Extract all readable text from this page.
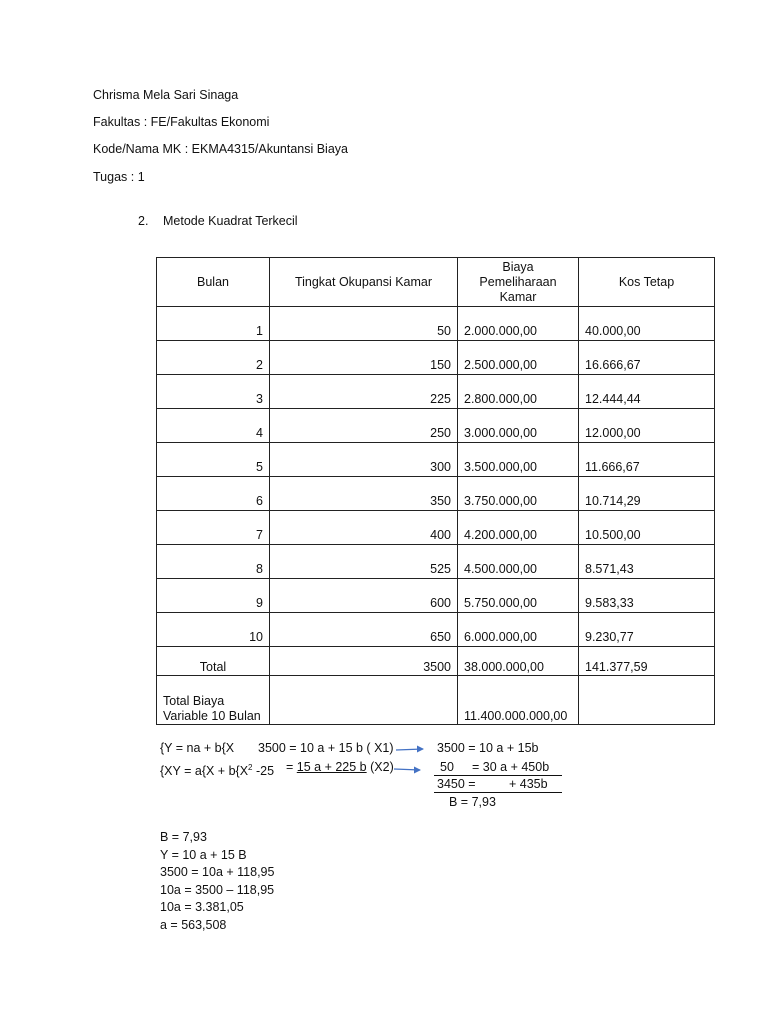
Chrisma Mela Sari Sinaga
Fakultas : FE/Fakultas Ekonomi
Kode/Nama MK : EKMA4315/Akuntansi Biaya
Tugas : 1
2. Metode Kuadrat Terkecil
Bulan	Tingkat Okupansi Kamar	Biaya Pemeliharaan Kamar	Kos Tetap
1	50	2.000.000,00	40.000,00
2	150	2.500.000,00	16.666,67
3	225	2.800.000,00	12.444,44
4	250	3.000.000,00	12.000,00
5	300	3.500.000,00	11.666,67
6	350	3.750.000,00	10.714,29
7	400	4.200.000,00	10.500,00
8	525	4.500.000,00	8.571,43
9	600	5.750.000,00	9.583,33
10	650	6.000.000,00	9.230,77
Total	3500	38.000.000,00	141.377,59
Total Biaya Variable 10 Bulan		11.400.000.000,00	
{Y = na + b{X 3500 = 10 a + 15 b ( X1)	3500 = 10 a + 15b
{$XY = a\{X + b\{X^2$ -25 = 15 a + 225 b (X2)	50 = 30 a + 450b
3450 =	+ 435b
B = 7,93
B = 7,93
Y = 10 a + 15 B
3500 = 10a + 118,95
10a = 3500 – 118,95
10a = 3.381,05
a = 563,508
